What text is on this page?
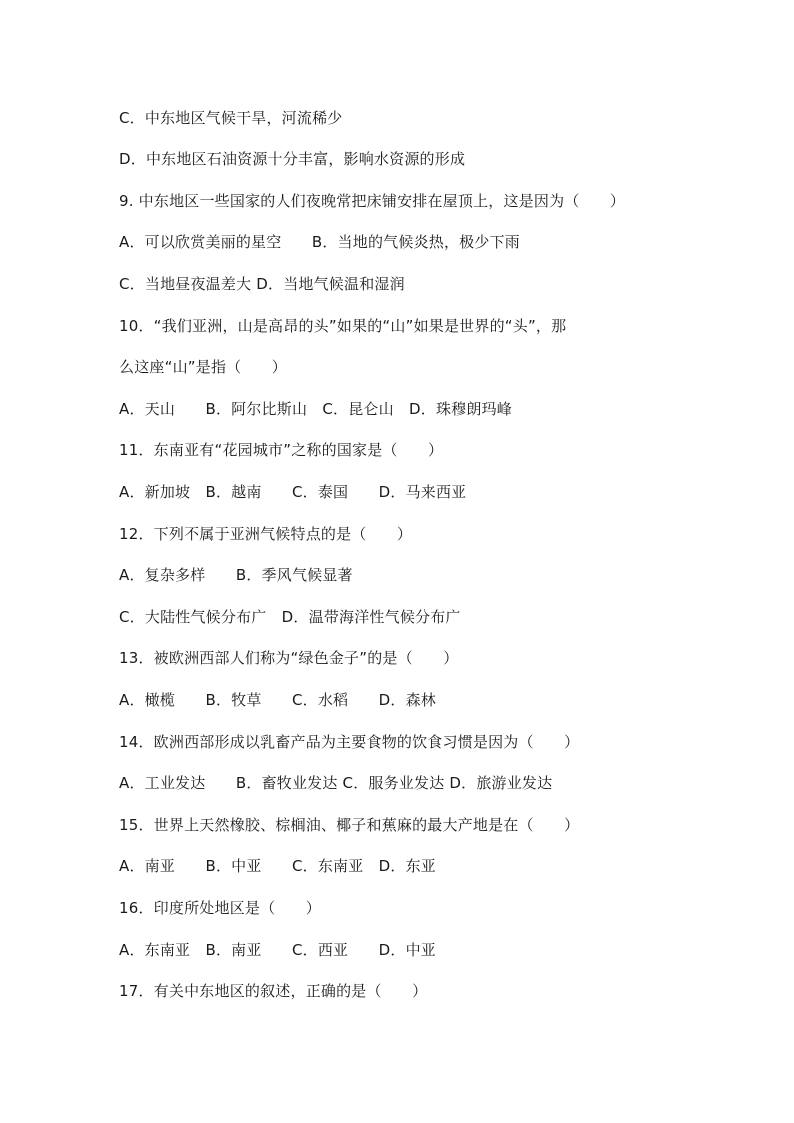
C．中东地区气候干旱，河流稀少
D．中东地区石油资源十分丰富，影响水资源的形成
9. 中东地区一些国家的人们夜晚常把床铺安排在屋顶上，这是因为（　　）
A．可以欣赏美丽的星空　　B．当地的气候炎热，极少下雨
C．当地昼夜温差大 D．当地气候温和湿润
10．“我们亚洲，山是高昂的头”如果的“山”如果是世界的“头”，那
么这座“山”是指（　　）
A．天山　　B．阿尔比斯山　C．昆仑山　D．珠穆朗玛峰
11．东南亚有“花园城市”之称的国家是（　　）
A．新加坡　B．越南　　C．泰国　　D．马来西亚
12．下列不属于亚洲气候特点的是（　　）
A．复杂多样　　B．季风气候显著
C．大陆性气候分布广　D．温带海洋性气候分布广
13．被欧洲西部人们称为“绿色金子”的是（　　）
A．橄榄　　B．牧草　　C．水稻　　D．森林
14．欧洲西部形成以乳畜产品为主要食物的饮食习惯是因为（　　）
A．工业发达　　B．畜牧业发达 C．服务业发达 D．旅游业发达
15．世界上天然橡胶、棕榈油、椰子和蕉麻的最大产地是在（　　）
A．南亚　　B．中亚　　C．东南亚　D．东亚
16．印度所处地区是（　　）
A．东南亚　B．南亚　　C．西亚　　D．中亚
17．有关中东地区的叙述，正确的是（　　）
